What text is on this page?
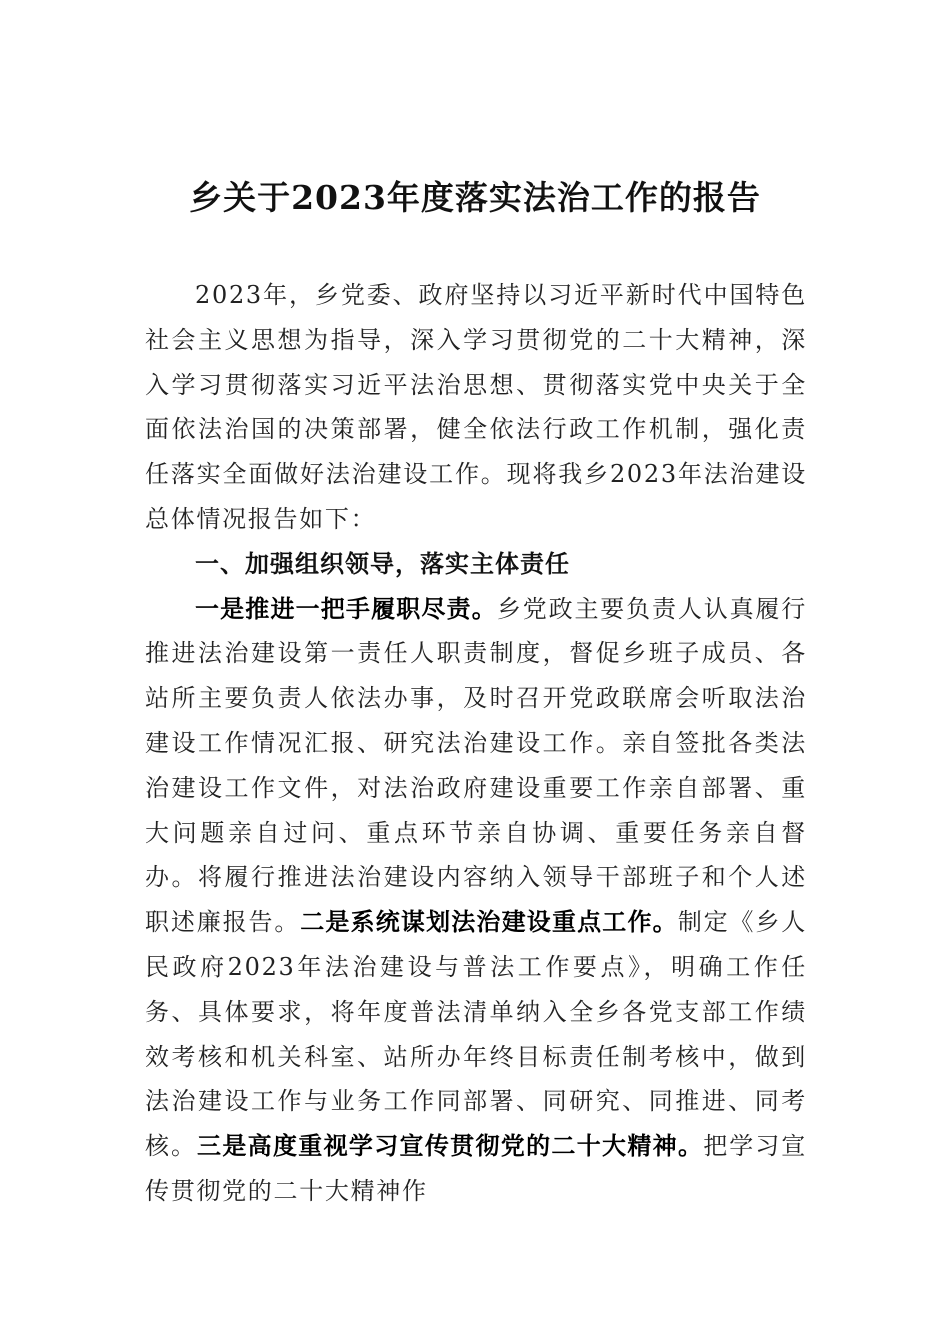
乡关于2023年度落实法治工作的报告

2023年，乡党委、政府坚持以习近平新时代中国特色社会主义思想为指导，深入学习贯彻党的二十大精神，深入学习贯彻落实习近平法治思想、贯彻落实党中央关于全面依法治国的决策部署，健全依法行政工作机制，强化责任落实全面做好法治建设工作。现将我乡2023年法治建设总体情况报告如下：

一、加强组织领导，落实主体责任

一是推进一把手履职尽责。乡党政主要负责人认真履行推进法治建设第一责任人职责制度，督促乡班子成员、各站所主要负责人依法办事，及时召开党政联席会听取法治建设工作情况汇报、研究法治建设工作。亲自签批各类法治建设工作文件，对法治政府建设重要工作亲自部署、重大问题亲自过问、重点环节亲自协调、重要任务亲自督办。将履行推进法治建设内容纳入领导干部班子和个人述职述廉报告。二是系统谋划法治建设重点工作。制定《乡人民政府2023年法治建设与普法工作要点》，明确工作任务、具体要求，将年度普法清单纳入全乡各党支部工作绩效考核和机关科室、站所办年终目标责任制考核中，做到法治建设工作与业务工作同部署、同研究、同推进、同考核。三是高度重视学习宣传贯彻党的二十大精神。把学习宣传贯彻党的二十大精神作
